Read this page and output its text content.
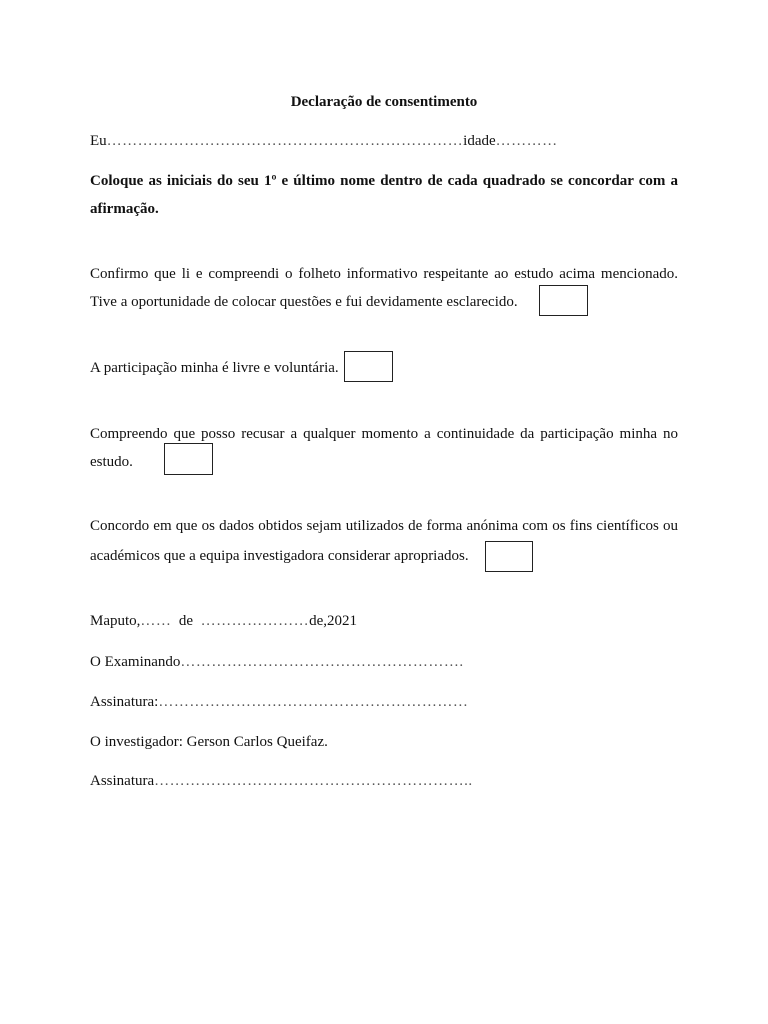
Declaração de consentimento
Eu……………………………………………………………idade…………
Coloque as iniciais do seu 1º e último nome dentro de cada quadrado se concordar com a
afirmação.
Confirmo que li e compreendi o folheto informativo respeitante ao estudo acima mencionado.
Tive a oportunidade de colocar questões e fui devidamente esclarecido.
A participação minha é livre e voluntária.
Compreendo que posso recusar a qualquer momento a continuidade da participação minha no
estudo.
Concordo em que os dados obtidos sejam utilizados de forma anónima com os fins científicos ou
académicos que a equipa investigadora considerar apropriados.
Maputo,…… de …………………de,2021
O Examinando……………………………………………….
Assinatura:……………………………………………………
O investigador: Gerson Carlos Queifaz.
Assinatura……………………………………………………..
